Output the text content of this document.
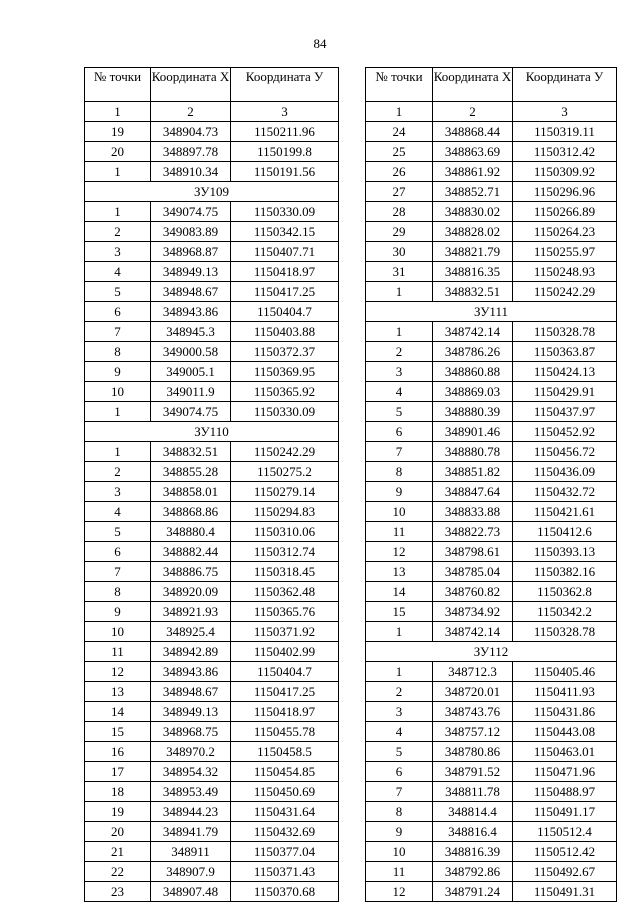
84
№ точки	Координата Х	Координата У
1	2	3
19	348904.73	1150211.96
20	348897.78	1150199.8
1	348910.34	1150191.56
ЗУ109		
1	349074.75	1150330.09
2	349083.89	1150342.15
3	348968.87	1150407.71
4	348949.13	1150418.97
5	348948.67	1150417.25
6	348943.86	1150404.7
7	348945.3	1150403.88
8	349000.58	1150372.37
9	349005.1	1150369.95
10	349011.9	1150365.92
1	349074.75	1150330.09
ЗУ110		
1	348832.51	1150242.29
2	348855.28	1150275.2
3	348858.01	1150279.14
4	348868.86	1150294.83
5	348880.4	1150310.06
6	348882.44	1150312.74
7	348886.75	1150318.45
8	348920.09	1150362.48
9	348921.93	1150365.76
10	348925.4	1150371.92
11	348942.89	1150402.99
12	348943.86	1150404.7
13	348948.67	1150417.25
14	348949.13	1150418.97
15	348968.75	1150455.78
16	348970.2	1150458.5
17	348954.32	1150454.85
18	348953.49	1150450.69
19	348944.23	1150431.64
20	348941.79	1150432.69
21	348911	1150377.04
22	348907.9	1150371.43
23	348907.48	1150370.68
№ точки	Координата Х	Координата У
1	2	3
24	348868.44	1150319.11
25	348863.69	1150312.42
26	348861.92	1150309.92
27	348852.71	1150296.96
28	348830.02	1150266.89
29	348828.02	1150264.23
30	348821.79	1150255.97
31	348816.35	1150248.93
1	348832.51	1150242.29
ЗУ111		
1	348742.14	1150328.78
2	348786.26	1150363.87
3	348860.88	1150424.13
4	348869.03	1150429.91
5	348880.39	1150437.97
6	348901.46	1150452.92
7	348880.78	1150456.72
8	348851.82	1150436.09
9	348847.64	1150432.72
10	348833.88	1150421.61
11	348822.73	1150412.6
12	348798.61	1150393.13
13	348785.04	1150382.16
14	348760.82	1150362.8
15	348734.92	1150342.2
1	348742.14	1150328.78
ЗУ112		
1	348712.3	1150405.46
2	348720.01	1150411.93
3	348743.76	1150431.86
4	348757.12	1150443.08
5	348780.86	1150463.01
6	348791.52	1150471.96
7	348811.78	1150488.97
8	348814.4	1150491.17
9	348816.4	1150512.4
10	348816.39	1150512.42
11	348792.86	1150492.67
12	348791.24	1150491.31
